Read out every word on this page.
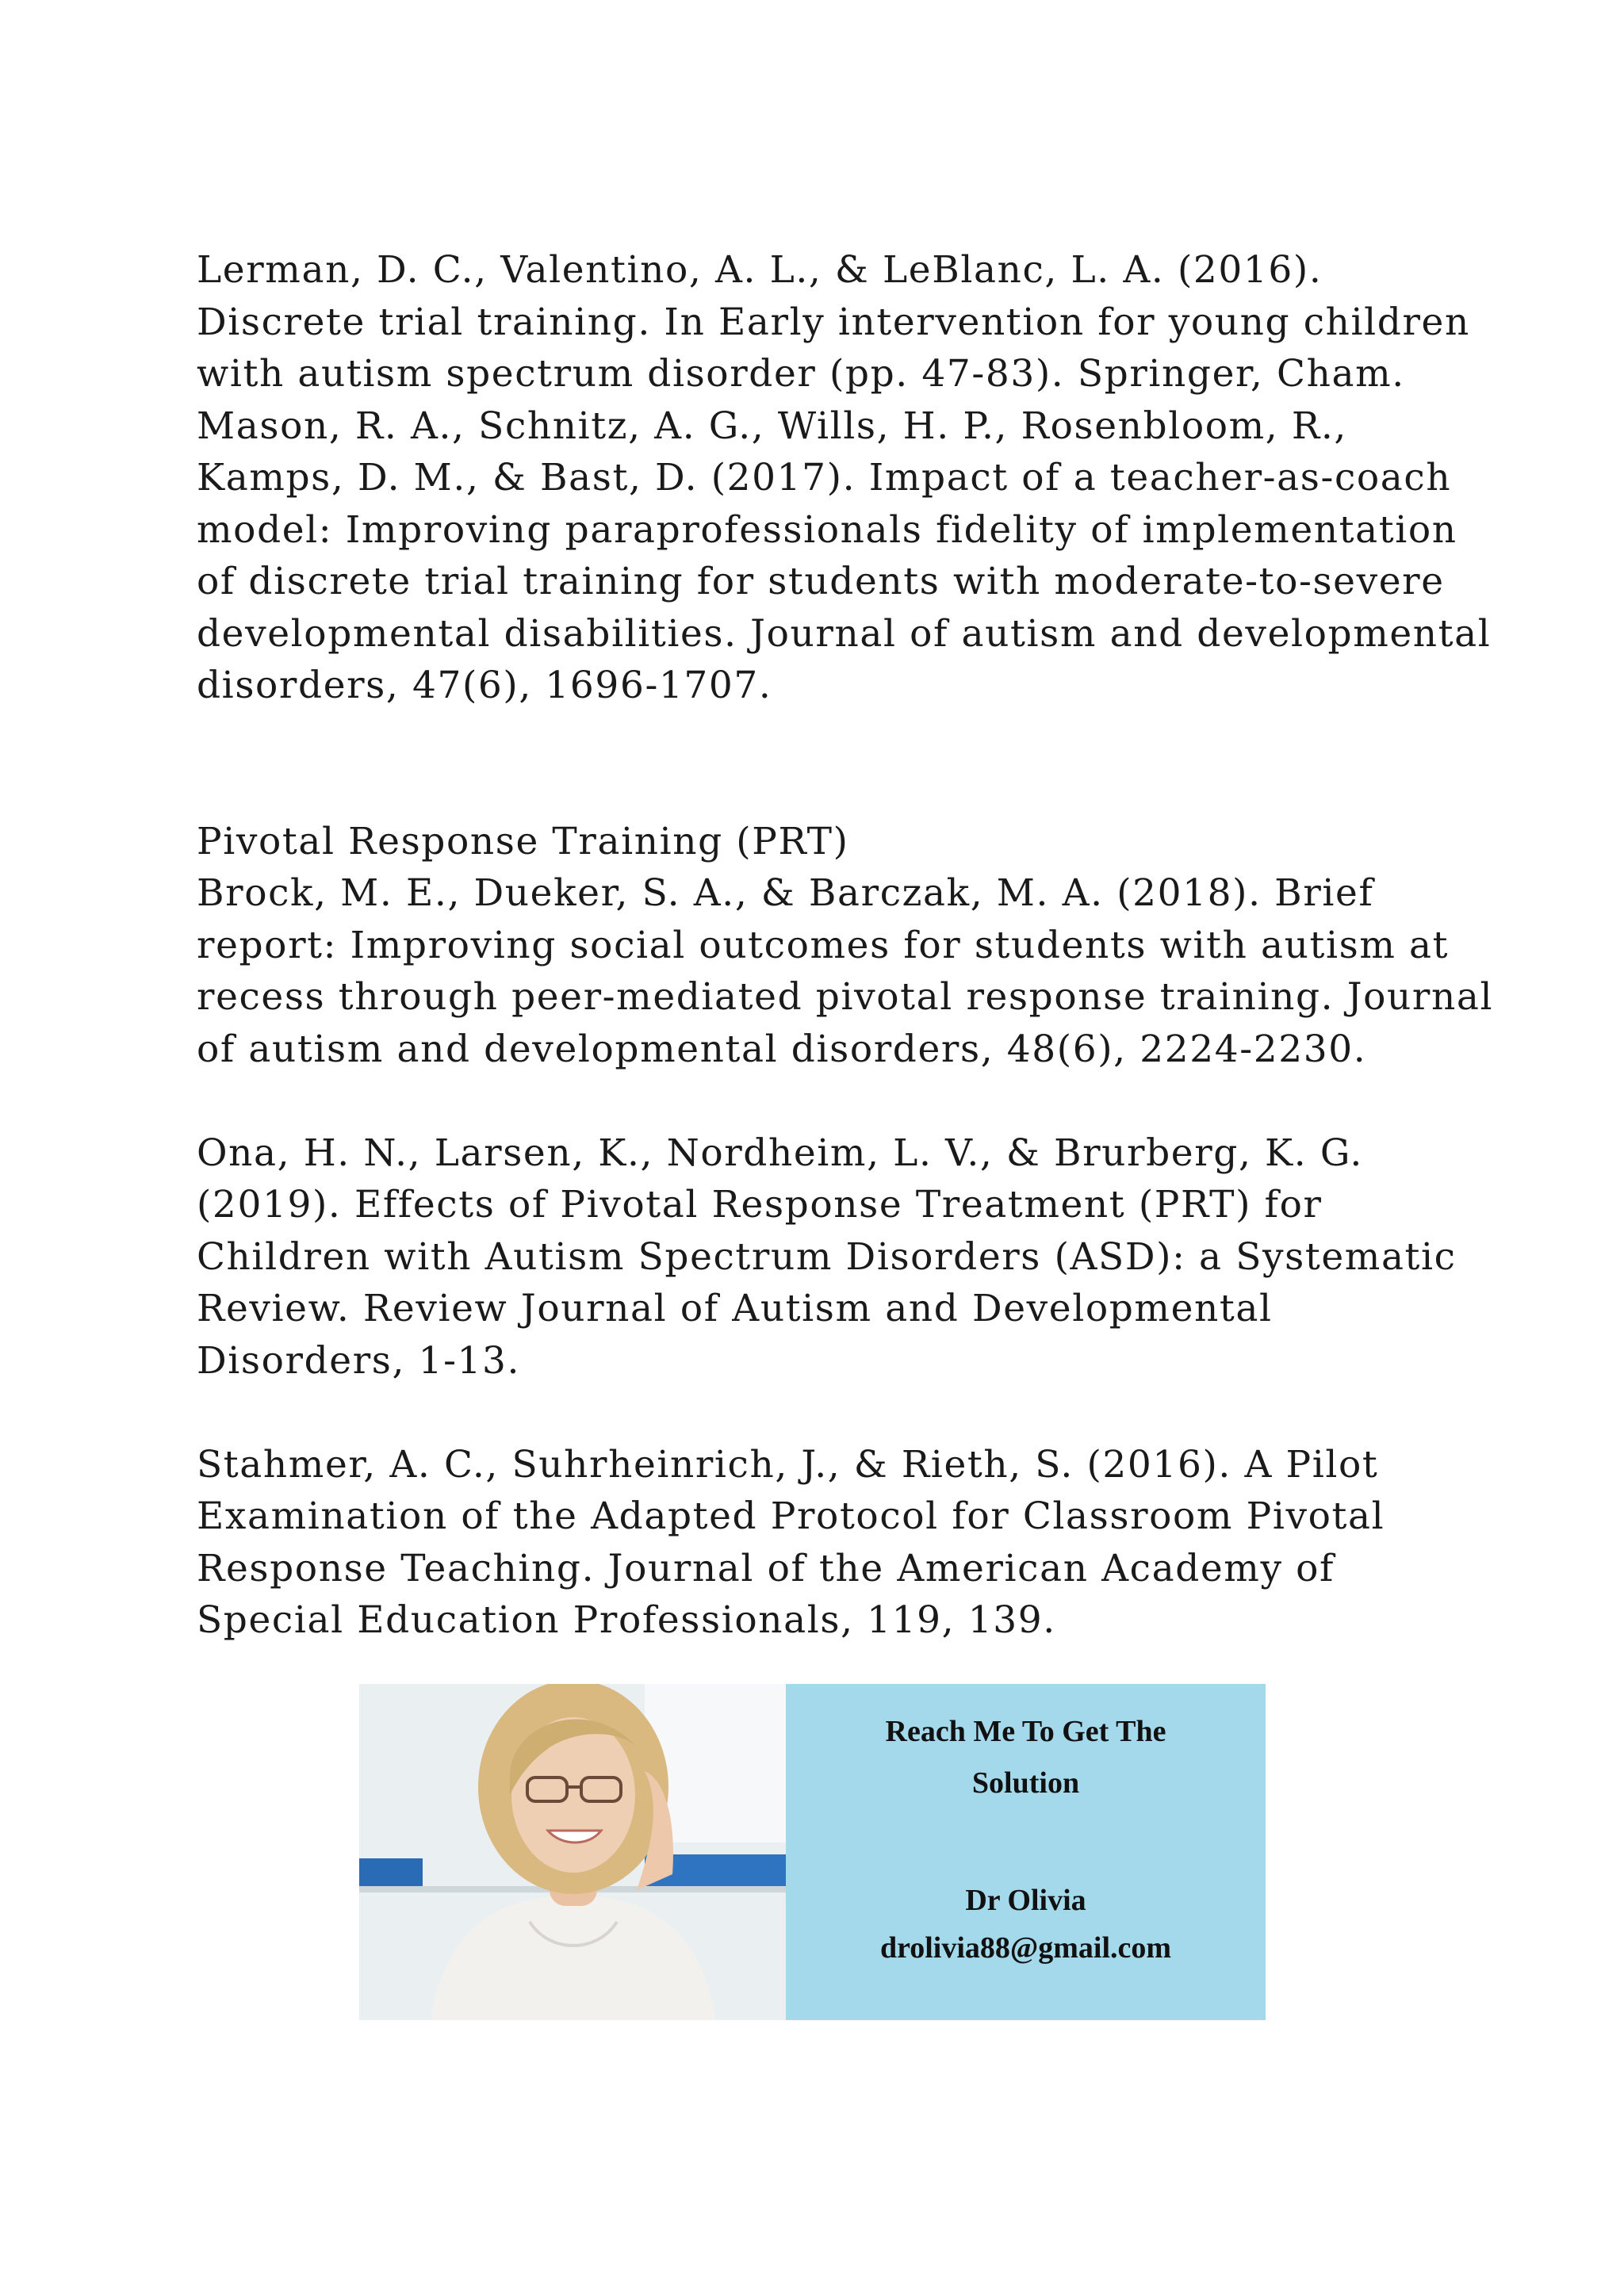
Lerman, D. C., Valentino, A. L., & LeBlanc, L. A. (2016).
Discrete trial training. In Early intervention for young children
with autism spectrum disorder (pp. 47-83). Springer, Cham.
Mason, R. A., Schnitz, A. G., Wills, H. P., Rosenbloom, R.,
Kamps, D. M., & Bast, D. (2017). Impact of a teacher-as-coach
model: Improving paraprofessionals fidelity of implementation
of discrete trial training for students with moderate-to-severe
developmental disabilities. Journal of autism and developmental
disorders, 47(6), 1696-1707.
Pivotal Response Training (PRT)
Brock, M. E., Dueker, S. A., & Barczak, M. A. (2018). Brief
report: Improving social outcomes for students with autism at
recess through peer-mediated pivotal response training. Journal
of autism and developmental disorders, 48(6), 2224-2230.
Ona, H. N., Larsen, K., Nordheim, L. V., & Brurberg, K. G.
(2019). Effects of Pivotal Response Treatment (PRT) for
Children with Autism Spectrum Disorders (ASD): a Systematic
Review. Review Journal of Autism and Developmental
Disorders, 1-13.
Stahmer, A. C., Suhrheinrich, J., & Rieth, S. (2016). A Pilot
Examination of the Adapted Protocol for Classroom Pivotal
Response Teaching. Journal of the American Academy of
Special Education Professionals, 119, 139.
Reach Me To Get The
Solution
Dr Olivia
drolivia88@gmail.com
